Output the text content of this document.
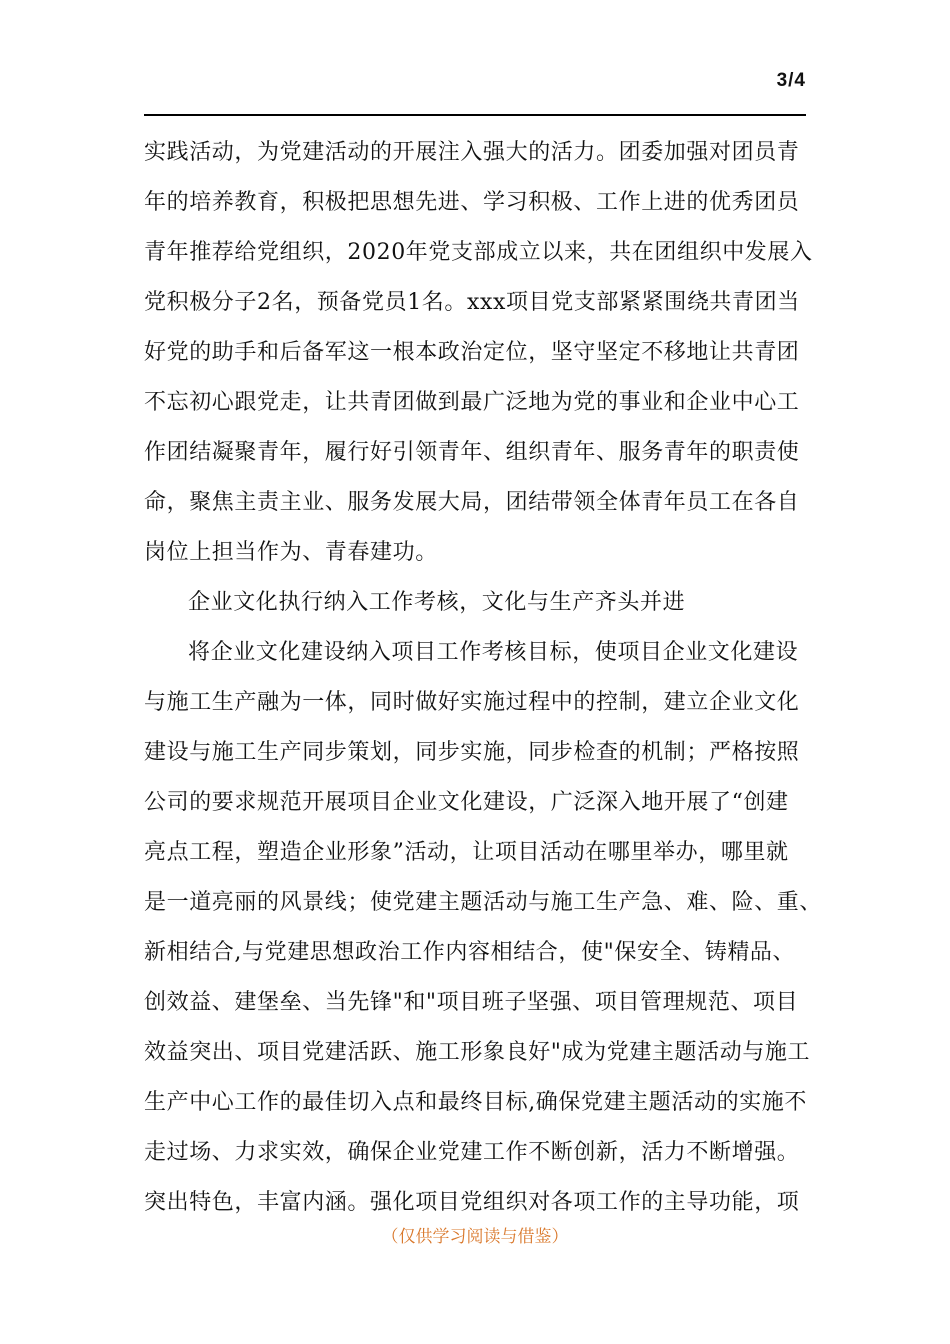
3/4
实践活动，为党建活动的开展注入强大的活力。团委加强对团员青
年的培养教育，积极把思想先进、学习积极、工作上进的优秀团员
青年推荐给党组织，2020年党支部成立以来，共在团组织中发展入
党积极分子2名，预备党员1名。xxx项目党支部紧紧围绕共青团当
好党的助手和后备军这一根本政治定位，坚守坚定不移地让共青团
不忘初心跟党走，让共青团做到最广泛地为党的事业和企业中心工
作团结凝聚青年，履行好引领青年、组织青年、服务青年的职责使
命，聚焦主责主业、服务发展大局，团结带领全体青年员工在各自
岗位上担当作为、青春建功。
企业文化执行纳入工作考核，文化与生产齐头并进
将企业文化建设纳入项目工作考核目标，使项目企业文化建设
与施工生产融为一体，同时做好实施过程中的控制，建立企业文化
建设与施工生产同步策划，同步实施，同步检查的机制；严格按照
公司的要求规范开展项目企业文化建设，广泛深入地开展了“创建
亮点工程，塑造企业形象”活动，让项目活动在哪里举办，哪里就
是一道亮丽的风景线；使党建主题活动与施工生产急、难、险、重、
新相结合,与党建思想政治工作内容相结合，使"保安全、铸精品、
创效益、建堡垒、当先锋"和"项目班子坚强、项目管理规范、项目
效益突出、项目党建活跃、施工形象良好"成为党建主题活动与施工
生产中心工作的最佳切入点和最终目标,确保党建主题活动的实施不
走过场、力求实效，确保企业党建工作不断创新，活力不断增强。
突出特色，丰富内涵。强化项目党组织对各项工作的主导功能，项
（仅供学习阅读与借鉴）
